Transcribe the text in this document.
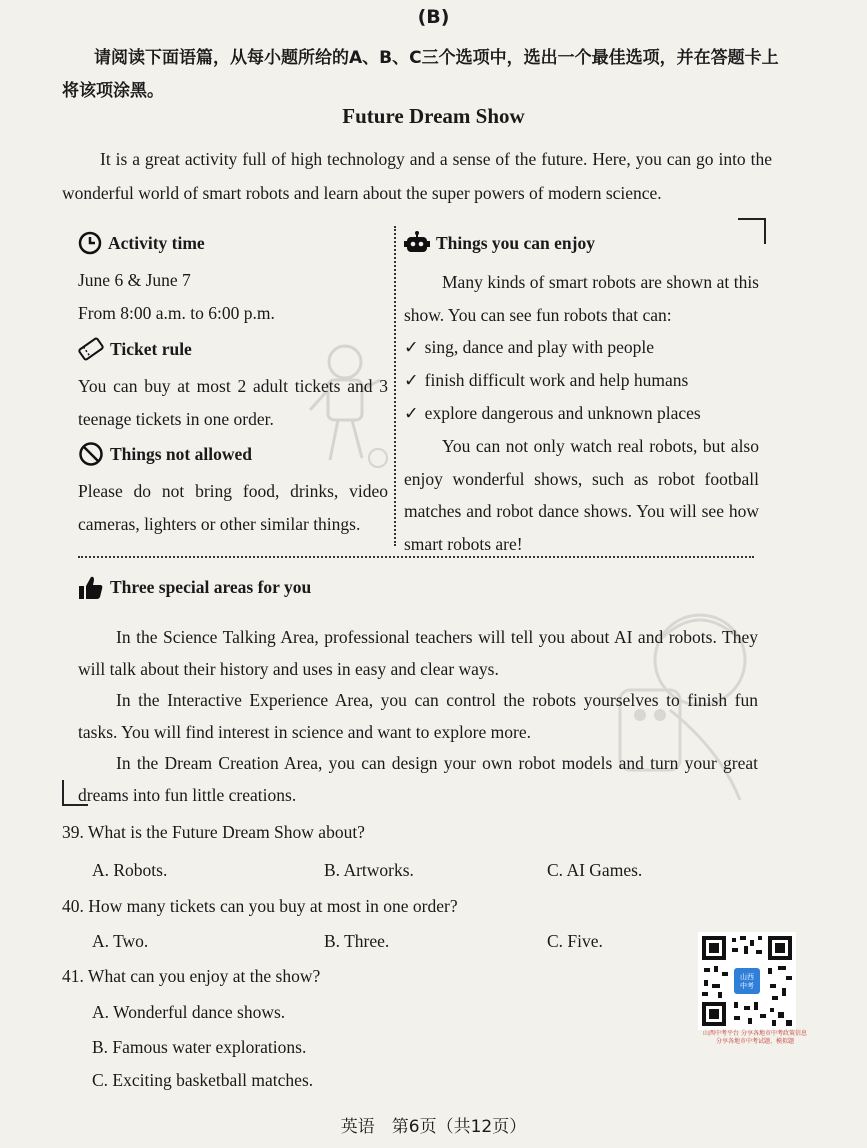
(B)
请阅读下面语篇，从每小题所给的A、B、C三个选项中，选出一个最佳选项，并在答题卡上将该项涂黑。
Future Dream Show
It is a great activity full of high technology and a sense of the future. Here, you can go into the wonderful world of smart robots and learn about the super powers of modern science.
Activity time
June 6 & June 7
From 8:00 a.m. to 6:00 p.m.
Ticket rule
You can buy at most 2 adult tickets and 3 teenage tickets in one order.
Things not allowed
Please do not bring food, drinks, video cameras, lighters or other similar things.
Things you can enjoy
Many kinds of smart robots are shown at this show. You can see fun robots that can:
✓ sing, dance and play with people
✓ finish difficult work and help humans
✓ explore dangerous and unknown places
You can not only watch real robots, but also enjoy wonderful shows, such as robot football matches and robot dance shows. You will see how smart robots are!
Three special areas for you
In the Science Talking Area, professional teachers will tell you about AI and robots. They will talk about their history and uses in easy and clear ways.
In the Interactive Experience Area, you can control the robots yourselves to finish fun tasks. You will find interest in science and want to explore more.
In the Dream Creation Area, you can design your own robot models and turn your great dreams into fun little creations.
39. What is the Future Dream Show about?
A. Robots.	B. Artworks.	C. AI Games.
40. How many tickets can you buy at most in one order?
A. Two.	B. Three.	C. Five.
41. What can you enjoy at the show?
A. Wonderful dance shows.
B. Famous water explorations.
C. Exciting basketball matches.
山西
中考
山西中考平台 分享各地市中考政策信息 分享各地市中考试题、模拟题
英语　第6页（共12页）
